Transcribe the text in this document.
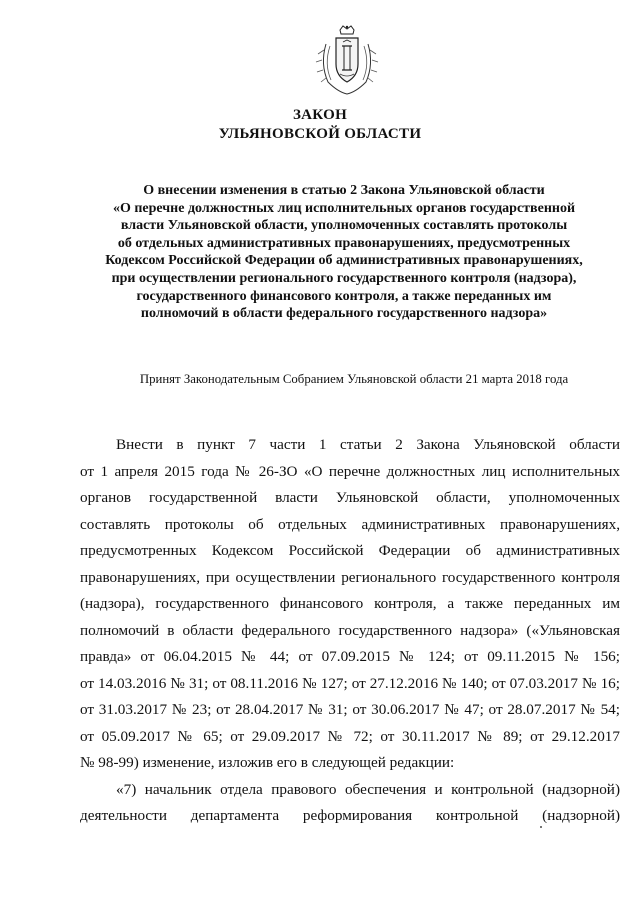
ЗАКОН
УЛЬЯНОВСКОЙ ОБЛАСТИ
О внесении изменения в статью 2 Закона Ульяновской области
«О перечне должностных лиц исполнительных органов государственной
власти Ульяновской области, уполномоченных составлять протоколы
об отдельных административных правонарушениях, предусмотренных
Кодексом Российской Федерации об административных правонарушениях,
при осуществлении регионального государственного контроля (надзора),
государственного финансового контроля, а также переданных им
полномочий в области федерального государственного надзора»
Принят Законодательным Собранием Ульяновской области 21 марта 2018 года
Внести в пункт 7 части 1 статьи 2 Закона Ульяновской области
от 1 апреля 2015 года № 26-ЗО «О перечне должностных лиц исполнительных
органов государственной власти Ульяновской области, уполномоченных
составлять протоколы об отдельных административных правонарушениях,
предусмотренных Кодексом Российской Федерации об административных
правонарушениях, при осуществлении регионального государственного контроля
(надзора), государственного финансового контроля, а также переданных им
полномочий в области федерального государственного надзора» («Ульяновская
правда» от 06.04.2015 № 44; от 07.09.2015 № 124; от 09.11.2015 № 156;
от 14.03.2016 № 31; от 08.11.2016 № 127; от 27.12.2016 № 140; от 07.03.2017 № 16;
от 31.03.2017 № 23; от 28.04.2017 № 31; от 30.06.2017 № 47; от 28.07.2017 № 54;
от 05.09.2017 № 65; от 29.09.2017 № 72; от 30.11.2017 № 89; от 29.12.2017
№ 98-99) изменение, изложив его в следующей редакции:
«7) начальник отдела правового обеспечения и контрольной (надзорной)
деятельности департамента реформирования контрольной (надзорной)
